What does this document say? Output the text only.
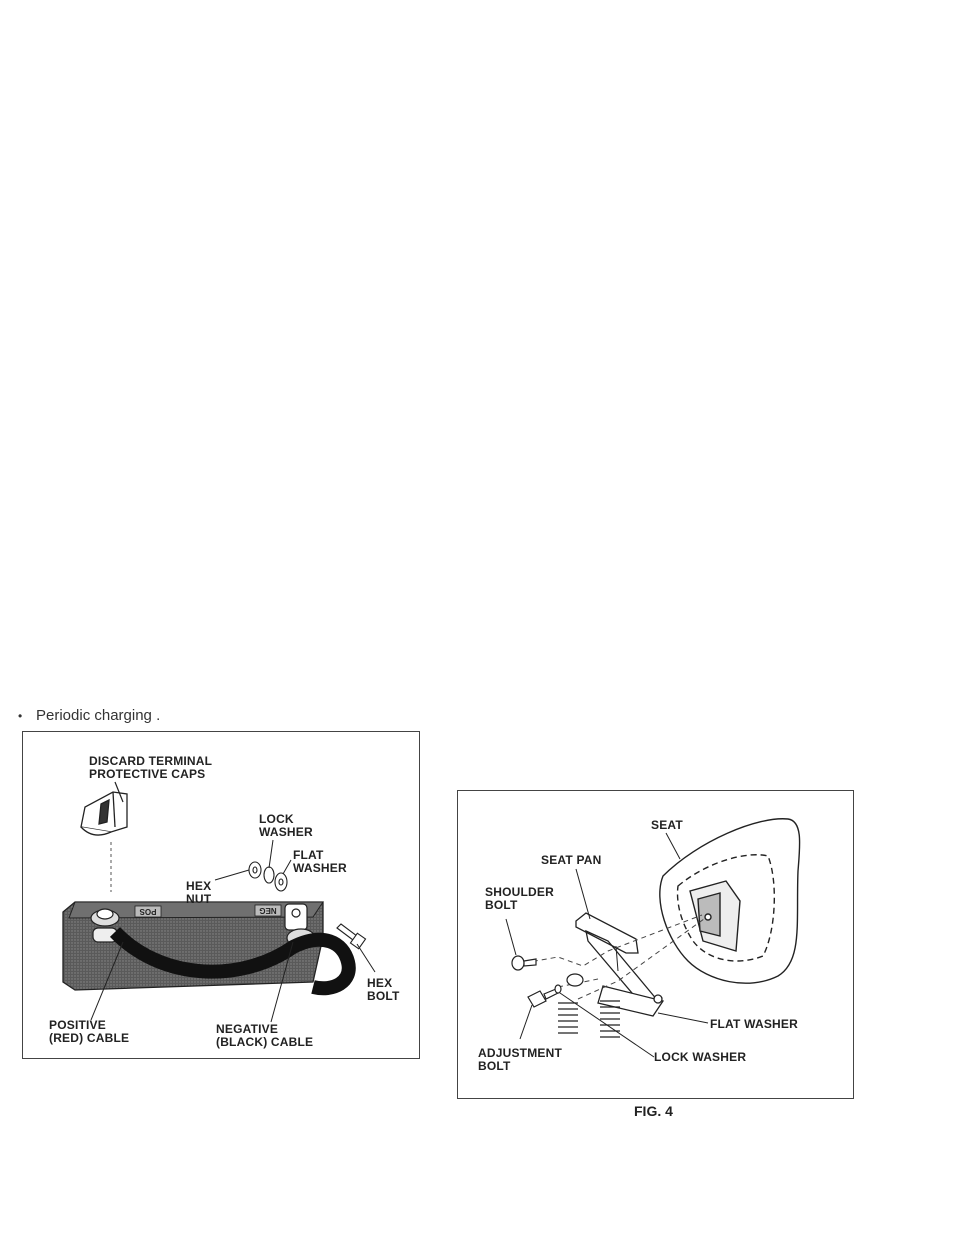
• Periodic charging .
POS	NEG
DISCARD TERMINAL
PROTECTIVE CAPS
LOCK
WASHER
FLAT
WASHER
HEX
NUT
HEX
BOLT
POSITIVE
(RED) CABLE
NEGATIVE
(BLACK) CABLE
SEAT
SEAT PAN
SHOULDER
BOLT
FLAT WASHER
ADJUSTMENT
BOLT
LOCK WASHER
FIG. 4
